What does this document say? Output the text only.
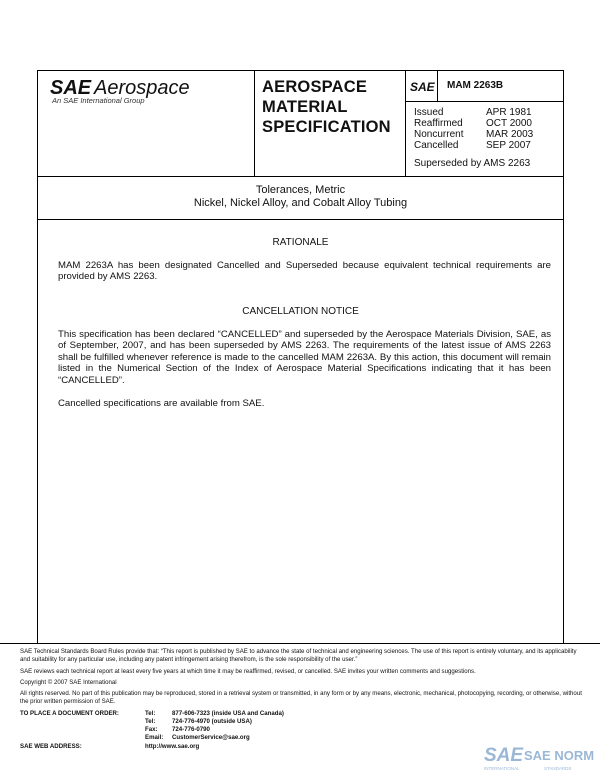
SAE Aerospace
An SAE International Group
AEROSPACE
MATERIAL
SPECIFICATION
SAE MAM 2263B
Issued	APR 1981
Reaffirmed OCT 2000
Noncurrent MAR 2003
Cancelled	SEP 2007
Superseded by AMS 2263
Tolerances, Metric
Nickel, Nickel Alloy, and Cobalt Alloy Tubing
RATIONALE
MAM 2263A has been designated Cancelled and Superseded because equivalent technical requirements are provided by AMS 2263.
CANCELLATION NOTICE
This specification has been declared “CANCELLED” and superseded by the Aerospace Materials Division, SAE, as of September, 2007, and has been superseded by AMS 2263. The requirements of the latest issue of AMS 2263 shall be fulfilled whenever reference is made to the cancelled MAM 2263A. By this action, this document will remain listed in the Numerical Section of the Index of Aerospace Material Specifications indicating that it has been “CANCELLED”.
Cancelled specifications are available from SAE.
SAE Technical Standards Board Rules provide that: “This report is published by SAE to advance the state of technical and engineering sciences. The use of this report is entirely voluntary, and its applicability and suitability for any particular use, including any patent infringement arising therefrom, is the sole responsibility of the user.”
SAE reviews each technical report at least every five years at which time it may be reaffirmed, revised, or cancelled. SAE invites your written comments and suggestions.
Copyright © 2007 SAE International
All rights reserved. No part of this publication may be reproduced, stored in a retrieval system or transmitted, in any form or by any means, electronic, mechanical, photocopying, recording, or otherwise, without the prior written permission of SAE.
TO PLACE A DOCUMENT ORDER:	Tel:	877-606-7323 (inside USA and Canada)
Tel:	724-776-4970 (outside USA)
Fax: 724-776-0790
Email: CustomerService@sae.org
SAE WEB ADDRESS:	http://www.sae.org	SAE SAE NORM
INTERNATIONAL	STANDARDS
